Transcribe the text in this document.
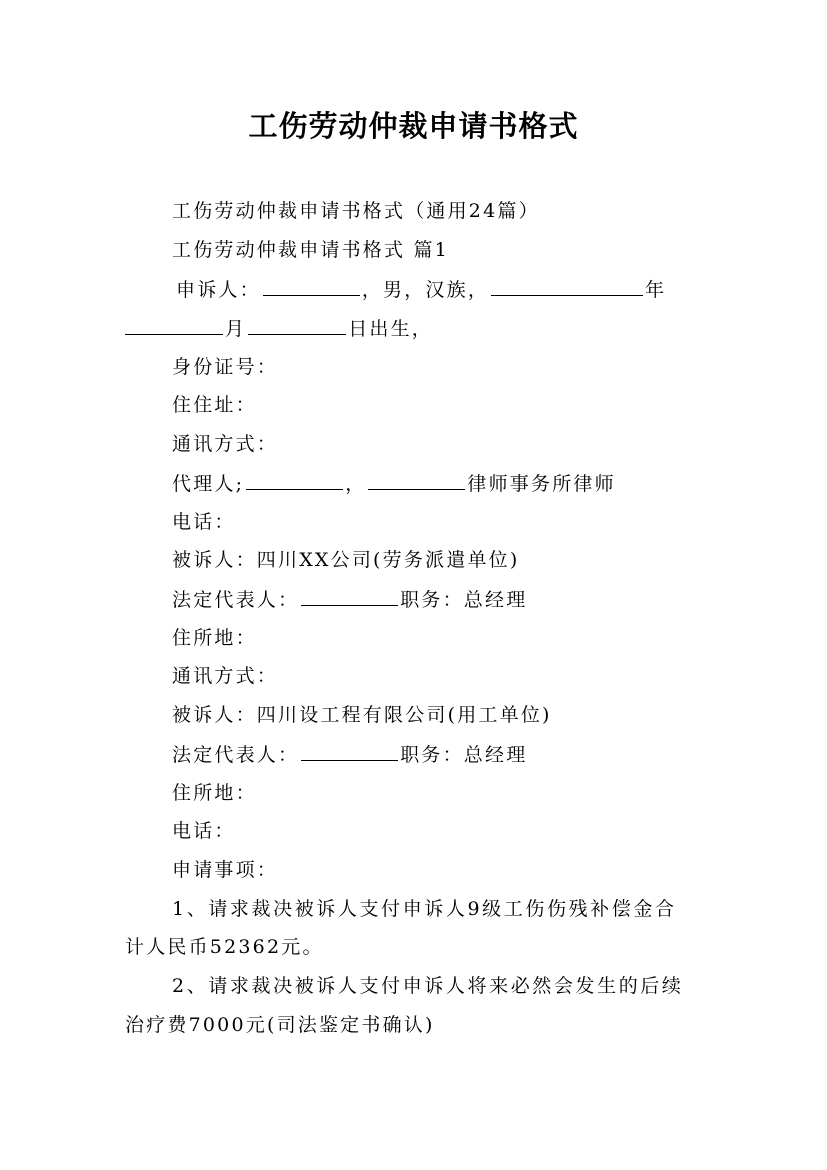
工伤劳动仲裁申请书格式
工伤劳动仲裁申请书格式（通用24篇）
工伤劳动仲裁申请书格式 篇1
申诉人：	，男，汉族，	年
月	日出生，
身份证号：
住住址：
通讯方式：
代理人;	，	律师事务所律师
电话：
被诉人：四川XX公司(劳务派遣单位)
法定代表人：	职务：总经理
住所地：
通讯方式：
被诉人：四川设工程有限公司(用工单位)
法定代表人：	职务：总经理
住所地：
电话：
申请事项：
1、请求裁决被诉人支付申诉人9级工伤伤残补偿金合
计人民币52362元。
2、请求裁决被诉人支付申诉人将来必然会发生的后续
治疗费7000元(司法鉴定书确认)
